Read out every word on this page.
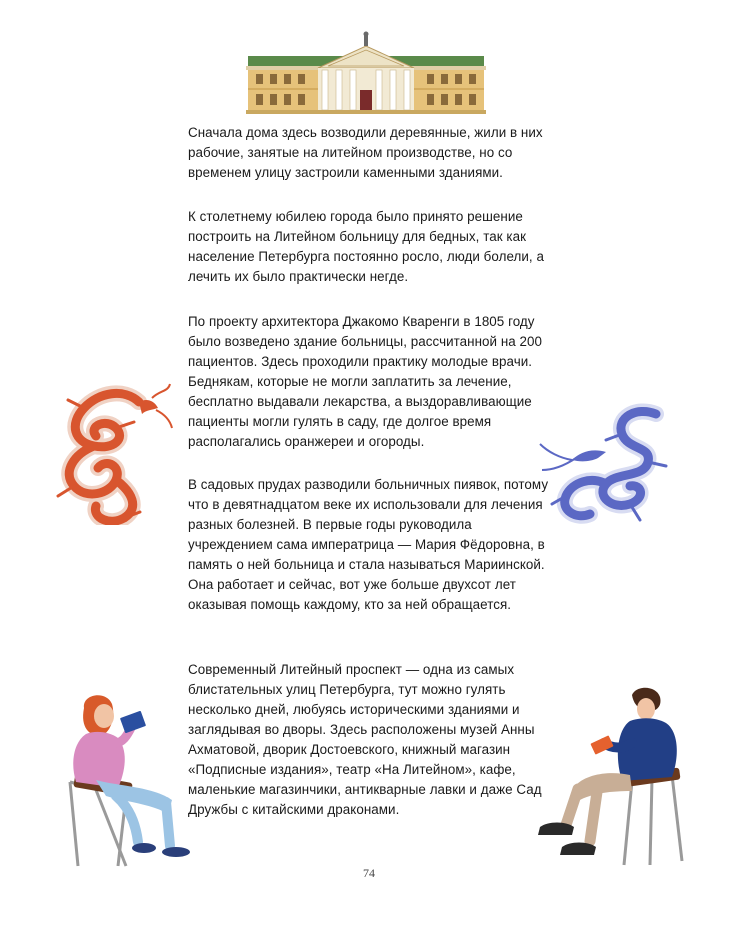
Сначала дома здесь возводили деревянные, жили в них рабочие, занятые на литейном производстве, но со временем улицу застроили каменными зданиями.

К столетнему юбилею города было принято решение построить на Литейном больницу для бедных, так как население Петербурга постоянно росло, люди болели, а лечить их было практически негде.

По проекту архитектора Джакомо Кваренги в 1805 году было возведено здание больницы, рассчитанной на 200 пациентов. Здесь проходили практику молодые врачи. Беднякам, которые не могли заплатить за лечение, бесплатно выдавали лекарства, а выздоравливающие пациенты могли гулять в саду, где долгое время располагались оранжереи и огороды.

В садовых прудах разводили больничных пиявок, потому что в девятнадцатом веке их использовали для лечения разных болезней. В первые годы руководила учреждением сама императрица — Мария Фёдоровна, в память о ней больница и стала называться Мариинской. Она работает и сейчас, вот уже больше двухсот лет оказывая помощь каждому, кто за ней обращается.

Современный Литейный проспект — одна из самых блистательных улиц Петербурга, тут можно гулять несколько дней, любуясь историческими зданиями и заглядывая во дворы. Здесь расположены музей Анны Ахматовой, дворик Достоевского, книжный магазин «Подписные издания», театр «На Литейном», кафе, маленькие магазинчики, антикварные лавки и даже Сад Дружбы с китайскими драконами.

74
